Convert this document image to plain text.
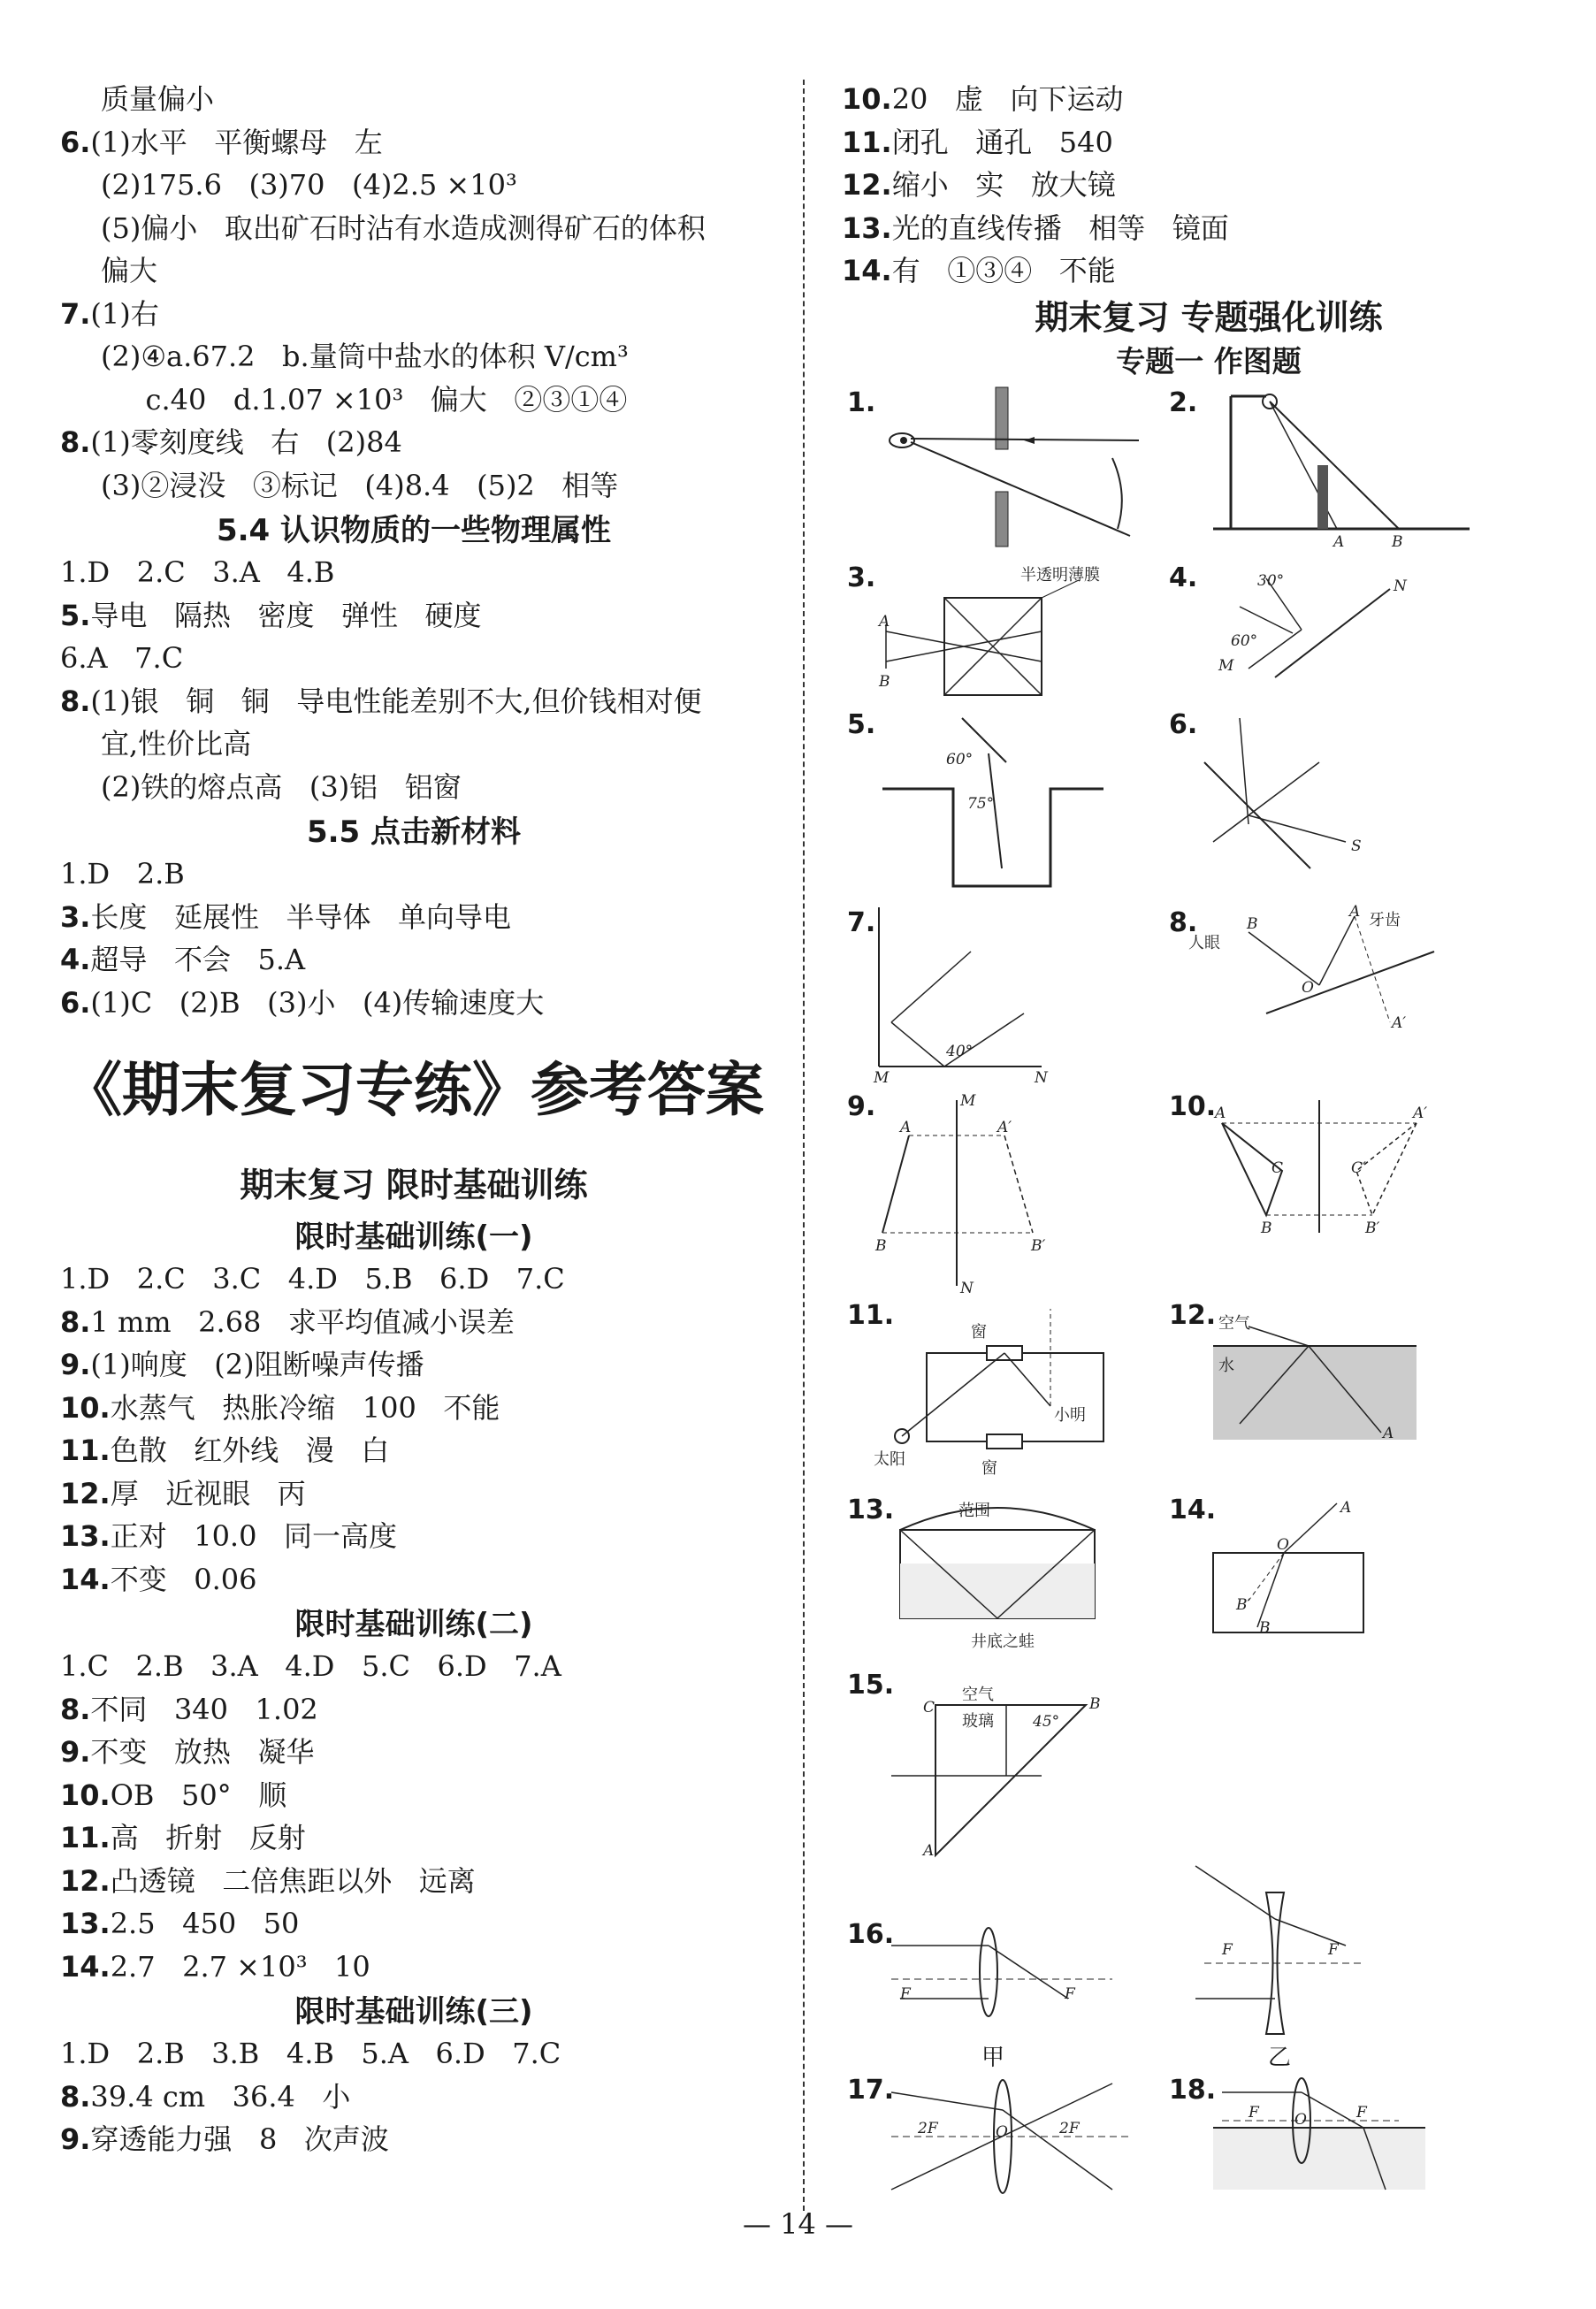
质量偏小
6.(1)水平   平衡螺母   左
(2)175.6   (3)70   (4)2.5 ×10³
(5)偏小   取出矿石时沾有水造成测得矿石的体积
偏大
7.(1)右
(2)④a.67.2   b.量筒中盐水的体积 V/cm³
c.40   d.1.07 ×10³   偏大   ②③①④
8.(1)零刻度线   右   (2)84
(3)②浸没   ③标记   (4)8.4   (5)2   相等
5.4 认识物质的一些物理属性
1.D   2.C   3.A   4.B
5.导电   隔热   密度   弹性   硬度
6.A   7.C
8.(1)银   铜   铜   导电性能差别不大,但价钱相对便
宜,性价比高
(2)铁的熔点高   (3)铝   铝窗
5.5 点击新材料
1.D   2.B
3.长度   延展性   半导体   单向导电
4.超导   不会   5.A
6.(1)C   (2)B   (3)小   (4)传输速度大
《期末复习专练》参考答案
期末复习 限时基础训练
限时基础训练(一)
1.D   2.C   3.C   4.D   5.B   6.D   7.C
8.1 mm   2.68   求平均值减小误差
9.(1)响度   (2)阻断噪声传播
10.水蒸气   热胀冷缩   100   不能
11.色散   红外线   漫   白
12.厚   近视眼   丙
13.正对   10.0   同一高度
14.不变   0.06
限时基础训练(二)
1.C   2.B   3.A   4.D   5.C   6.D   7.A
8.不同   340   1.02
9.不变   放热   凝华
10.OB   50°   顺
11.高   折射   反射
12.凸透镜   二倍焦距以外   远离
13.2.5   450   50
14.2.7   2.7 ×10³   10
限时基础训练(三)
1.D   2.B   3.B   4.B   5.A   6.D   7.C
8.39.4 cm   36.4   小
9.穿透能力强   8   次声波
10.20   虚   向下运动
11.闭孔   通孔   540
12.缩小   实   放大镜
13.光的直线传播   相等   镜面
14.有   ①③④   不能
期末复习 专题强化训练
专题一 作图题
1.	2.
A	B
3.
A
B
半透明薄膜	4.	30°
60°
M
N
5.
60°
75°
6.
S
7.
40°
M	N
8.
人眼
牙齿
B
A
O
A′
9.
A	A′
B	B′
M
N
10.
A	A′
B	B′
C	C′
11.
窗
太阳	窗
小明
12. 空气
水
A
13.	范围
井底之蛙
14.	A
O
B′
B
15.	空气
玻璃	45°
C	B
A
16.
F	F
甲
F	F
乙
17.
2F	O	2F
18.
F O	F
— 14 —
